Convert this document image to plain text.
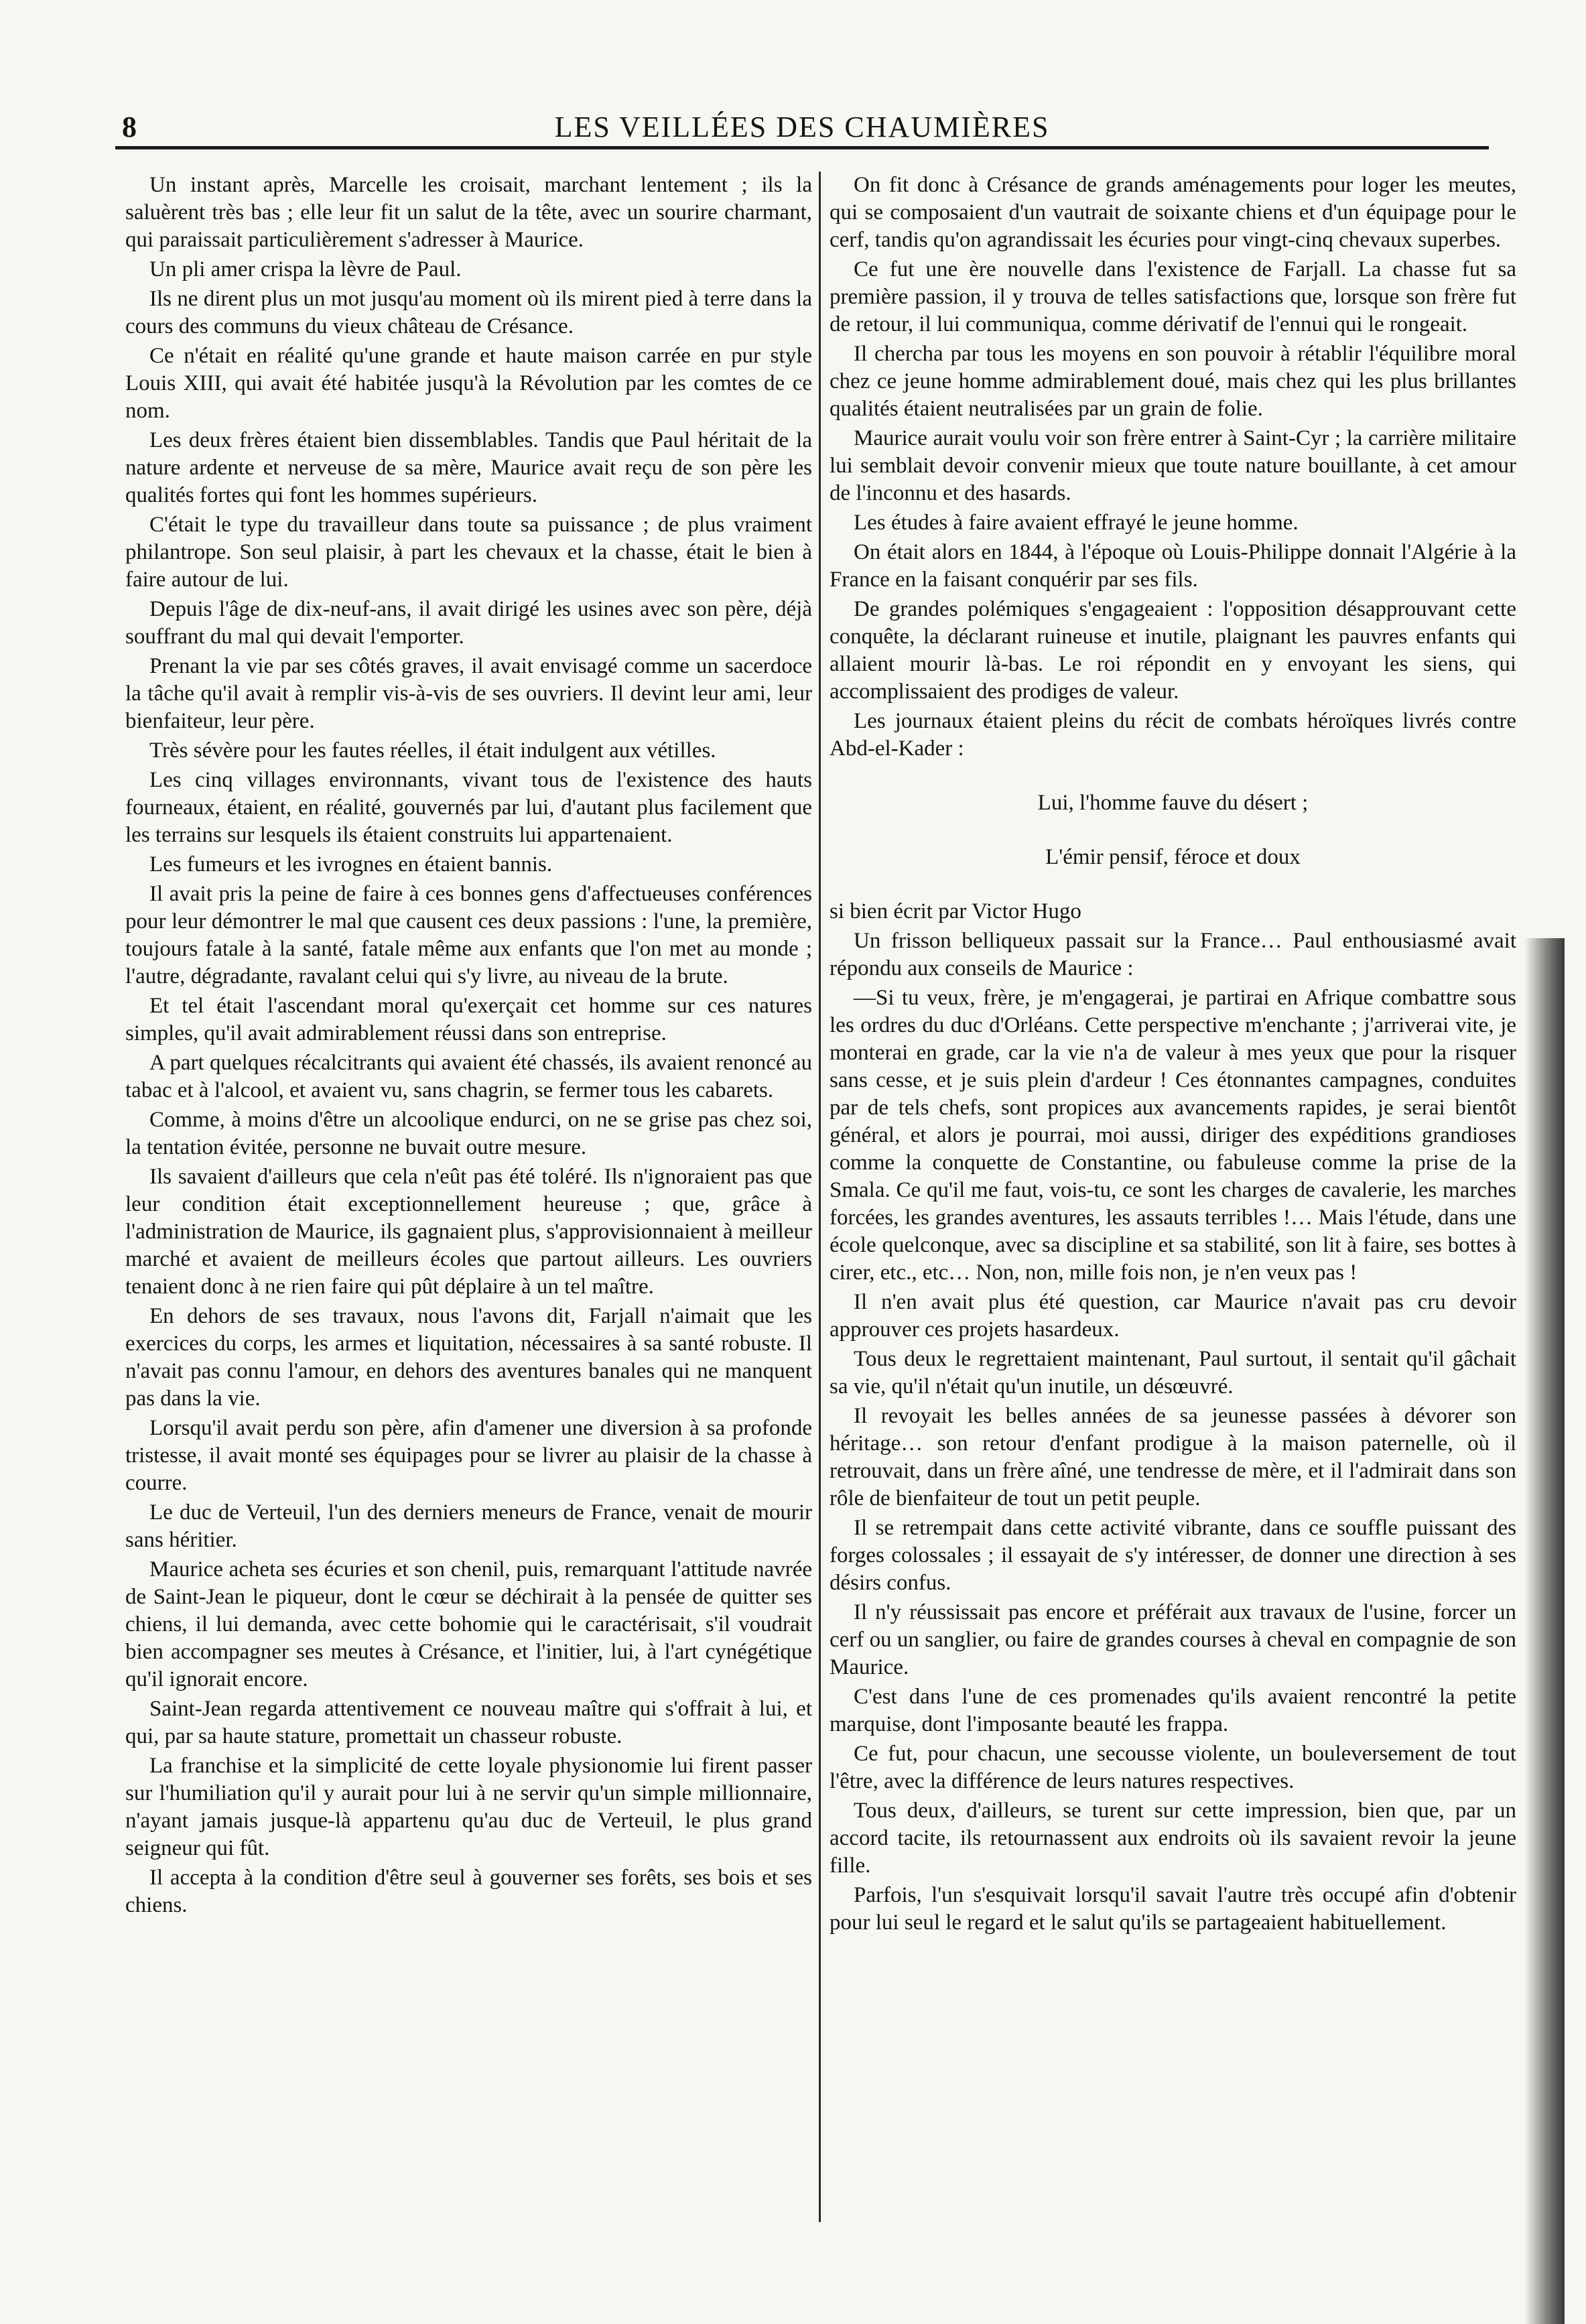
8	LES VEILLÉES DES CHAUMIÈRES

Un instant après, Marcelle les croisait, marchant lentement ; ils la saluèrent très bas ; elle leur fit un salut de la tête, avec un sourire charmant, qui paraissait particulièrement s'adresser à Maurice.

Un pli amer crispa la lèvre de Paul.

Ils ne dirent plus un mot jusqu'au moment où ils mirent pied à terre dans la cours des communs du vieux château de Crésance.

Ce n'était en réalité qu'une grande et haute maison carrée en pur style Louis XIII, qui avait été habitée jusqu'à la Révolution par les comtes de ce nom.

Les deux frères étaient bien dissemblables. Tandis que Paul héritait de la nature ardente et nerveuse de sa mère, Maurice avait reçu de son père les qualités fortes qui font les hommes supérieurs.

C'était le type du travailleur dans toute sa puissance ; de plus vraiment philantrope. Son seul plaisir, à part les chevaux et la chasse, était le bien à faire autour de lui.

Depuis l'âge de dix-neuf-ans, il avait dirigé les usines avec son père, déjà souffrant du mal qui devait l'emporter.

Prenant la vie par ses côtés graves, il avait envisagé comme un sacerdoce la tâche qu'il avait à remplir vis-à-vis de ses ouvriers. Il devint leur ami, leur bienfaiteur, leur père.

Très sévère pour les fautes réelles, il était indulgent aux vétilles.

Les cinq villages environnants, vivant tous de l'existence des hauts fourneaux, étaient, en réalité, gouvernés par lui, d'autant plus facilement que les terrains sur lesquels ils étaient construits lui appartenaient.

Les fumeurs et les ivrognes en étaient bannis.

Il avait pris la peine de faire à ces bonnes gens d'affectueuses conférences pour leur démontrer le mal que causent ces deux passions : l'une, la première, toujours fatale à la santé, fatale même aux enfants que l'on met au monde ; l'autre, dégradante, ravalant celui qui s'y livre, au niveau de la brute.

Et tel était l'ascendant moral qu'exerçait cet homme sur ces natures simples, qu'il avait admirablement réussi dans son entreprise.

A part quelques récalcitrants qui avaient été chassés, ils avaient renoncé au tabac et à l'alcool, et avaient vu, sans chagrin, se fermer tous les cabarets.

Comme, à moins d'être un alcoolique endurci, on ne se grise pas chez soi, la tentation évitée, personne ne buvait outre mesure.

Ils savaient d'ailleurs que cela n'eût pas été toléré. Ils n'ignoraient pas que leur condition était exceptionnellement heureuse ; que, grâce à l'administration de Maurice, ils gagnaient plus, s'approvisionnaient à meilleur marché et avaient de meilleurs écoles que partout ailleurs. Les ouvriers tenaient donc à ne rien faire qui pût déplaire à un tel maître.

En dehors de ses travaux, nous l'avons dit, Farjall n'aimait que les exercices du corps, les armes et liquitation, nécessaires à sa santé robuste. Il n'avait pas connu l'amour, en dehors des aventures banales qui ne manquent pas dans la vie.

Lorsqu'il avait perdu son père, afin d'amener une diversion à sa profonde tristesse, il avait monté ses équipages pour se livrer au plaisir de la chasse à courre.

Le duc de Verteuil, l'un des derniers meneurs de France, venait de mourir sans héritier.

Maurice acheta ses écuries et son chenil, puis, remarquant l'attitude navrée de Saint-Jean le piqueur, dont le cœur se déchirait à la pensée de quitter ses chiens, il lui demanda, avec cette bohomie qui le caractérisait, s'il voudrait bien accompagner ses meutes à Crésance, et l'initier, lui, à l'art cynégétique qu'il ignorait encore.

Saint-Jean regarda attentivement ce nouveau maître qui s'offrait à lui, et qui, par sa haute stature, promettait un chasseur robuste.

La franchise et la simplicité de cette loyale physionomie lui firent passer sur l'humiliation qu'il y aurait pour lui à ne servir qu'un simple millionnaire, n'ayant jamais jusque-là appartenu qu'au duc de Verteuil, le plus grand seigneur qui fût.

Il accepta à la condition d'être seul à gouverner ses forêts, ses bois et ses chiens.

On fit donc à Crésance de grands aménagements pour loger les meutes, qui se composaient d'un vautrait de soixante chiens et d'un équipage pour le cerf, tandis qu'on agrandissait les écuries pour vingt-cinq chevaux superbes.

Ce fut une ère nouvelle dans l'existence de Farjall. La chasse fut sa première passion, il y trouva de telles satisfactions que, lorsque son frère fut de retour, il lui communiqua, comme dérivatif de l'ennui qui le rongeait.

Il chercha par tous les moyens en son pouvoir à rétablir l'équilibre moral chez ce jeune homme admirablement doué, mais chez qui les plus brillantes qualités étaient neutralisées par un grain de folie.

Maurice aurait voulu voir son frère entrer à Saint-Cyr ; la carrière militaire lui semblait devoir convenir mieux que toute nature bouillante, à cet amour de l'inconnu et des hasards.

Les études à faire avaient effrayé le jeune homme.

On était alors en 1844, à l'époque où Louis-Philippe donnait l'Algérie à la France en la faisant conquérir par ses fils.

De grandes polémiques s'engageaient : l'opposition désapprouvant cette conquête, la déclarant ruineuse et inutile, plaignant les pauvres enfants qui allaient mourir là-bas. Le roi répondit en y envoyant les siens, qui accomplissaient des prodiges de valeur.

Les journaux étaient pleins du récit de combats héroïques livrés contre Abd-el-Kader :

Lui, l'homme fauve du désert ;

L'émir pensif, féroce et doux

si bien écrit par Victor Hugo

Un frisson belliqueux passait sur la France… Paul enthousiasmé avait répondu aux conseils de Maurice :

—Si tu veux, frère, je m'engagerai, je partirai en Afrique combattre sous les ordres du duc d'Orléans. Cette perspective m'enchante ; j'arriverai vite, je monterai en grade, car la vie n'a de valeur à mes yeux que pour la risquer sans cesse, et je suis plein d'ardeur ! Ces étonnantes campagnes, conduites par de tels chefs, sont propices aux avancements rapides, je serai bientôt général, et alors je pourrai, moi aussi, diriger des expéditions grandioses comme la conquette de Constantine, ou fabuleuse comme la prise de la Smala. Ce qu'il me faut, vois-tu, ce sont les charges de cavalerie, les marches forcées, les grandes aventures, les assauts terribles !… Mais l'étude, dans une école quelconque, avec sa discipline et sa stabilité, son lit à faire, ses bottes à cirer, etc., etc… Non, non, mille fois non, je n'en veux pas !

Il n'en avait plus été question, car Maurice n'avait pas cru devoir approuver ces projets hasardeux.

Tous deux le regrettaient maintenant, Paul surtout, il sentait qu'il gâchait sa vie, qu'il n'était qu'un inutile, un désœuvré.

Il revoyait les belles années de sa jeunesse passées à dévorer son héritage… son retour d'enfant prodigue à la maison paternelle, où il retrouvait, dans un frère aîné, une tendresse de mère, et il l'admirait dans son rôle de bienfaiteur de tout un petit peuple.

Il se retrempait dans cette activité vibrante, dans ce souffle puissant des forges colossales ; il essayait de s'y intéresser, de donner une direction à ses désirs confus.

Il n'y réussissait pas encore et préférait aux travaux de l'usine, forcer un cerf ou un sanglier, ou faire de grandes courses à cheval en compagnie de son Maurice.

C'est dans l'une de ces promenades qu'ils avaient rencontré la petite marquise, dont l'imposante beauté les frappa.

Ce fut, pour chacun, une secousse violente, un bouleversement de tout l'être, avec la différence de leurs natures respectives.

Tous deux, d'ailleurs, se turent sur cette impression, bien que, par un accord tacite, ils retournassent aux endroits où ils savaient revoir la jeune fille.

Parfois, l'un s'esquivait lorsqu'il savait l'autre très occupé afin d'obtenir pour lui seul le regard et le salut qu'ils se partageaient habituellement.
